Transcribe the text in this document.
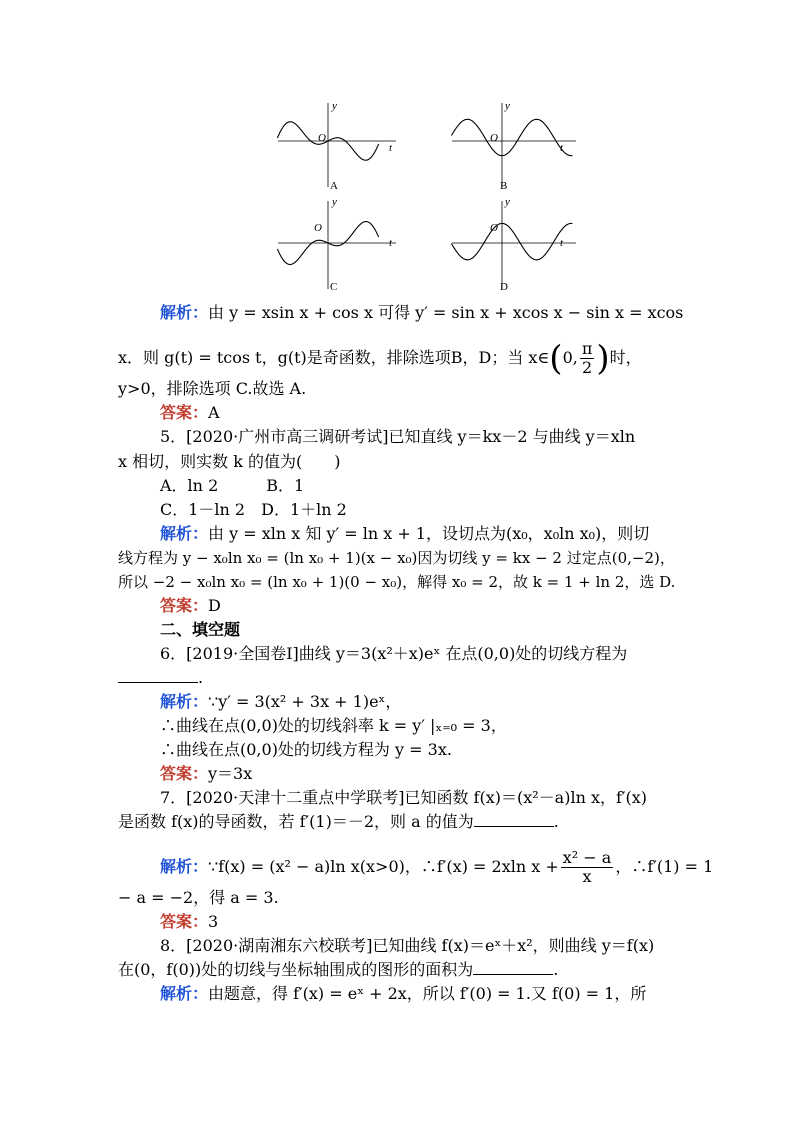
A	B
C	D
y
O
t
y
O
t
y
O
t
y
O
t
解析：由 y = xsin x + cos x 可得 y′ = sin x + xcos x − sin x = xcos
x．则 g(t) = tcos t，g(t)是奇函数，排除选项B，D；当 x∈(0, $\frac{\pi}{2}$ )时，
y>0，排除选项 C.故选 A.
答案：A
5．[2020·广州市高三调研考试]已知直线 y＝kx－2 与曲线 y＝xln
x 相切，则实数 k 的值为(　　)
A．ln 2　　　B．1
C．1－ln 2　D．1＋ln 2
解析：由 y = xln x 知 y′ = ln x + 1，设切点为(x₀，x₀ln x₀)，则切
线方程为 y − x₀ln x₀ = (ln x₀ + 1)(x − x₀)因为切线 y = kx − 2 过定点(0,−2)，
所以 −2 − x₀ln x₀ = (ln x₀ + 1)(0 − x₀)，解得 x₀ = 2，故 k = 1 + ln 2，选 D.
答案：D
二、填空题
6．[2019·全国卷Ⅰ]曲线 y＝3(x²＋x)eˣ 在点(0,0)处的切线方程为
.
解析：∵y′ = 3(x² + 3x + 1)eˣ，
∴曲线在点(0,0)处的切线斜率 k = y′ |ₓ₌₀ = 3，
∴曲线在点(0,0)处的切线方程为 y = 3x.
答案：y＝3x
7．[2020·天津十二重点中学联考]已知函数 f(x)＝(x²－a)ln x，f′(x)
是函数 f(x)的导函数，若 f′(1)＝－2，则 a 的值为	.
解析：∵f(x) = (x² − a)ln x(x>0)，∴f′(x) = 2xln $x + \frac{\text{x² − a}}{x}$ ，∴f′(1) = 1
− a = −2，得 a = 3.
答案：3
8．[2020·湖南湘东六校联考]已知曲线 f(x)＝eˣ＋x²，则曲线 y＝f(x)
在(0，f(0))处的切线与坐标轴围成的图形的面积为	.
解析：由题意，得 f′(x) = eˣ + 2x，所以 f′(0) = 1.又 f(0) = 1，所
